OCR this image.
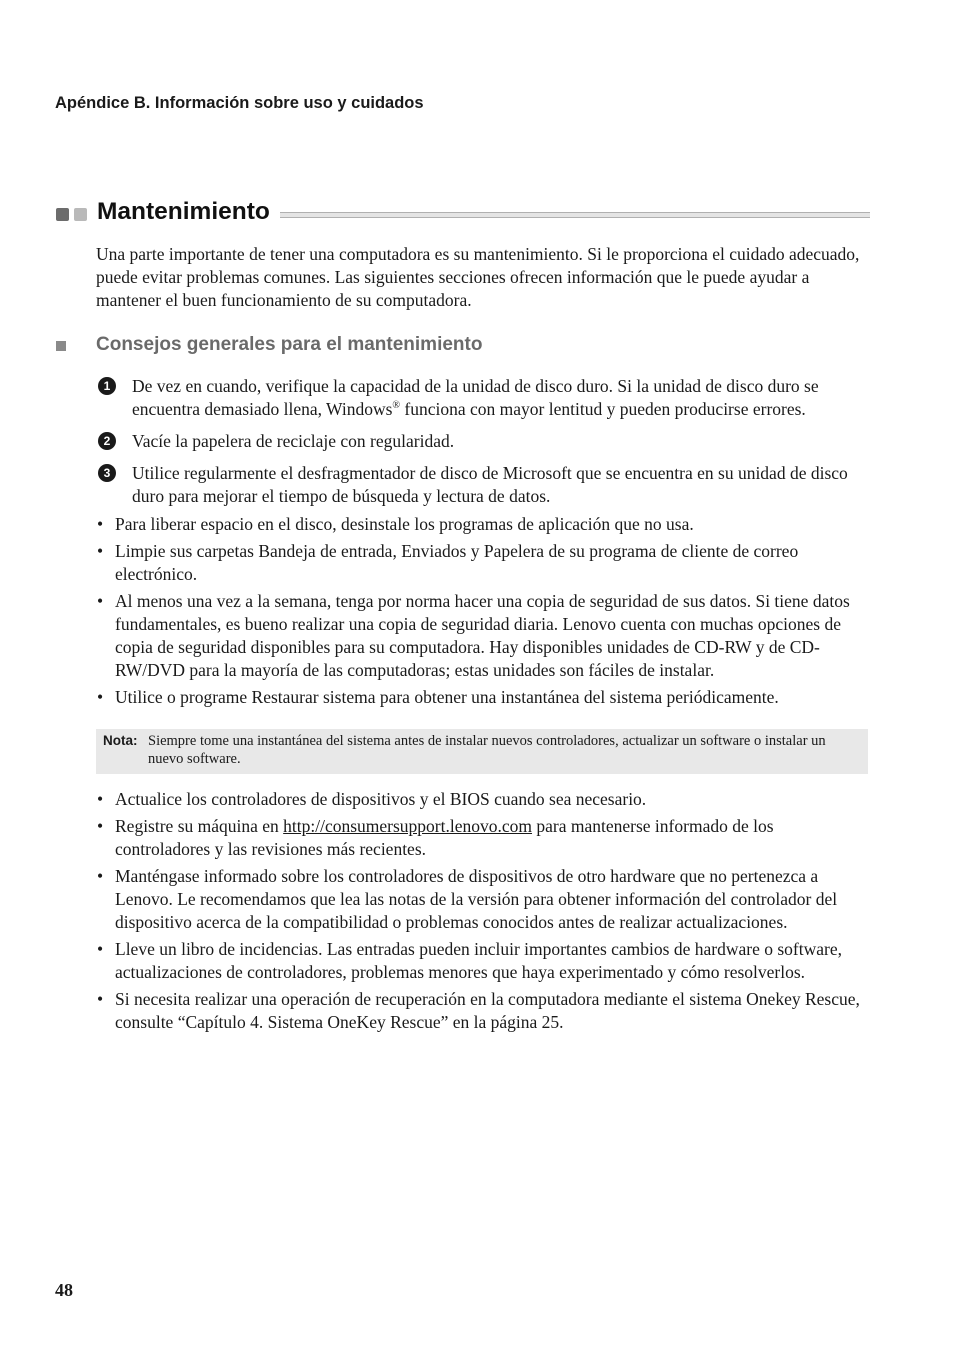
Apéndice B. Información sobre uso y cuidados
Mantenimiento

Una parte importante de tener una computadora es su mantenimiento. Si le proporciona el cuidado adecuado, puede evitar problemas comunes. Las siguientes secciones ofrecen información que le puede ayudar a mantener el buen funcionamiento de su computadora.

Consejos generales para el mantenimiento
1	De vez en cuando, verifique la capacidad de la unidad de disco duro. Si la unidad de disco duro se encuentra demasiado llena, Windows® funciona con mayor lentitud y pueden producirse errores.
2	Vacíe la papelera de reciclaje con regularidad.
3	Utilice regularmente el desfragmentador de disco de Microsoft que se encuentra en su unidad de disco duro para mejorar el tiempo de búsqueda y lectura de datos.
• Para liberar espacio en el disco, desinstale los programas de aplicación que no usa.
• Limpie sus carpetas Bandeja de entrada, Enviados y Papelera de su programa de cliente de correo electrónico.
• Al menos una vez a la semana, tenga por norma hacer una copia de seguridad de sus datos. Si tiene datos fundamentales, es bueno realizar una copia de seguridad diaria. Lenovo cuenta con muchas opciones de copia de seguridad disponibles para su computadora. Hay disponibles unidades de CD-RW y de CD-RW/DVD para la mayoría de las computadoras; estas unidades son fáciles de instalar.
• Utilice o programe Restaurar sistema para obtener una instantánea del sistema periódicamente.
Nota: Siempre tome una instantánea del sistema antes de instalar nuevos controladores, actualizar un software o instalar un nuevo software.
• Actualice los controladores de dispositivos y el BIOS cuando sea necesario.
• Registre su máquina en http://consumersupport.lenovo.com para mantenerse informado de los controladores y las revisiones más recientes.
• Manténgase informado sobre los controladores de dispositivos de otro hardware que no pertenezca a Lenovo. Le recomendamos que lea las notas de la versión para obtener información del controlador del dispositivo acerca de la compatibilidad o problemas conocidos antes de realizar actualizaciones.
• Lleve un libro de incidencias. Las entradas pueden incluir importantes cambios de hardware o software, actualizaciones de controladores, problemas menores que haya experimentado y cómo resolverlos.
• Si necesita realizar una operación de recuperación en la computadora mediante el sistema Onekey Rescue, consulte “Capítulo 4. Sistema OneKey Rescue” en la página 25.
48
